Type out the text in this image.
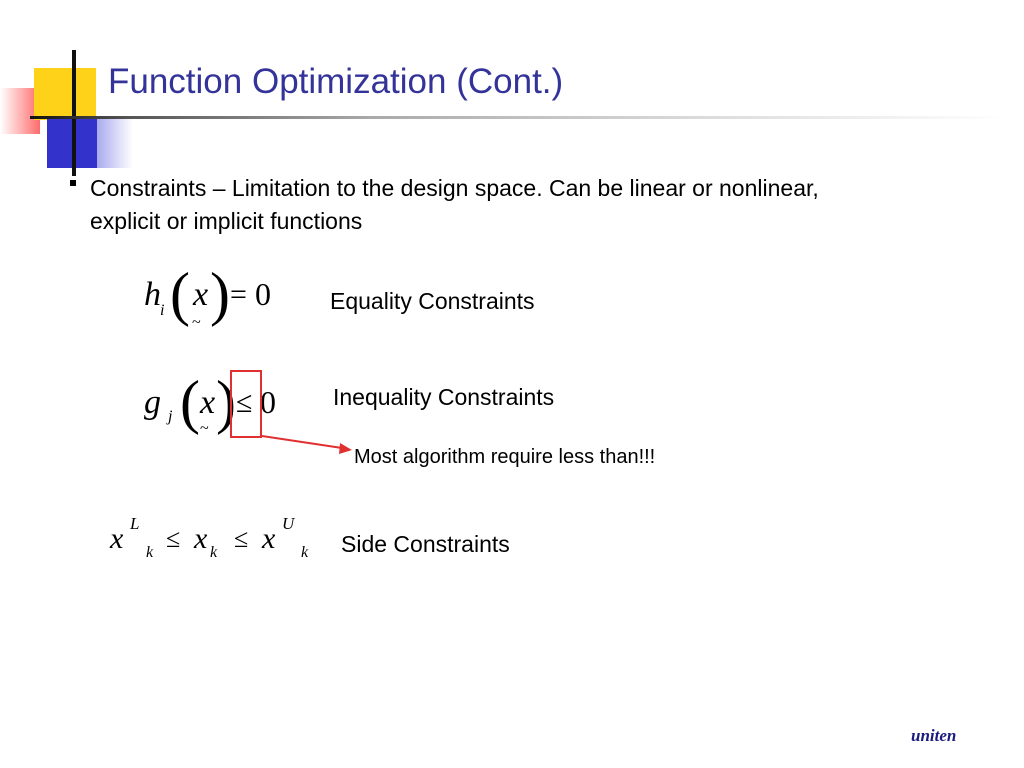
Function Optimization (Cont.)
Constraints – Limitation to the design space. Can be linear or nonlinear, explicit or implicit functions
h i ( x
~ ) = 0	Equality Constraints
g j ( x
~ ) ≤ 0 Inequality Constraints
Most algorithm require less than!!!
x L
k ≤ x k ≤ x U
k Side Constraints
uniten
